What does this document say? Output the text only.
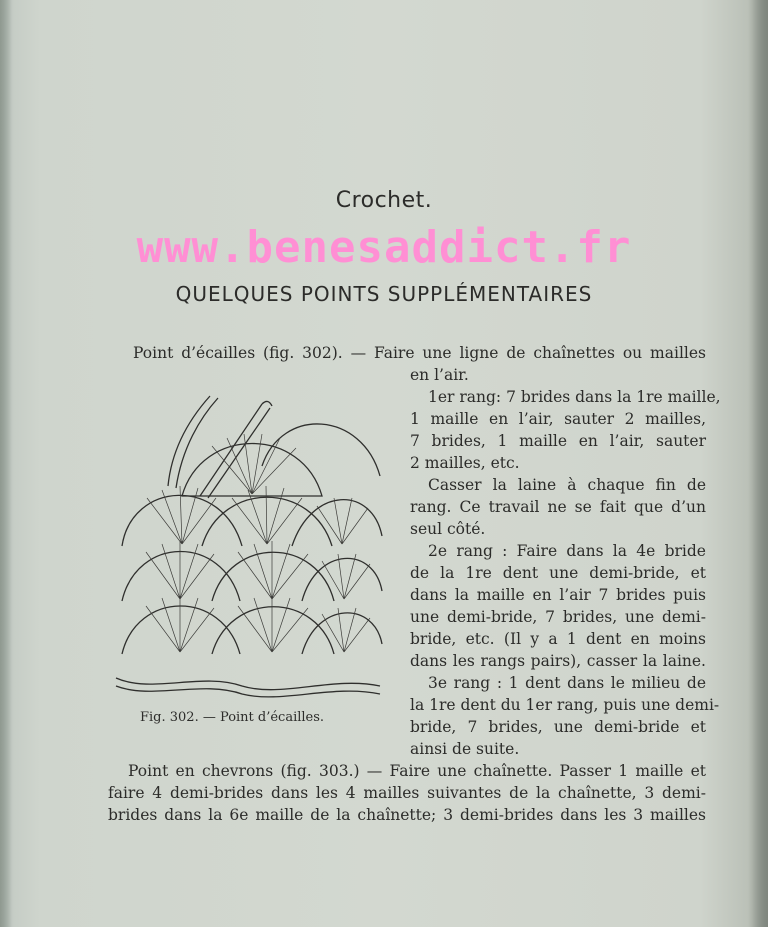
Crochet.
www.benesaddict.fr
QUELQUES POINTS SUPPLÉMENTAIRES
Point d’écailles (fig. 302). — Faire une ligne de chaînettes ou mailles
en l’air.
1er rang: 7 brides dans la 1re maille,
1 maille en l’air, sauter 2 mailles,
7 brides, 1 maille en l’air, sauter
2 mailles, etc.
Casser la laine à chaque fin de
rang. Ce travail ne se fait que d’un
seul côté.
2e rang : Faire dans la 4e bride
de la 1re dent une demi-bride, et
dans la maille en l’air 7 brides puis
une demi-bride, 7 brides, une demi-
bride, etc. (Il y a 1 dent en moins
dans les rangs pairs), casser la laine.
3e rang : 1 dent dans le milieu de
la 1re dent du 1er rang, puis une demi-
bride, 7 brides, une demi-bride et
ainsi de suite.
Point en chevrons (fig. 303.) — Faire une chaînette. Passer 1 maille et
faire 4 demi-brides dans les 4 mailles suivantes de la chaînette, 3 demi-
brides dans la 6e maille de la chaînette; 3 demi-brides dans les 3 mailles
Fig. 302. — Point d’écailles.
